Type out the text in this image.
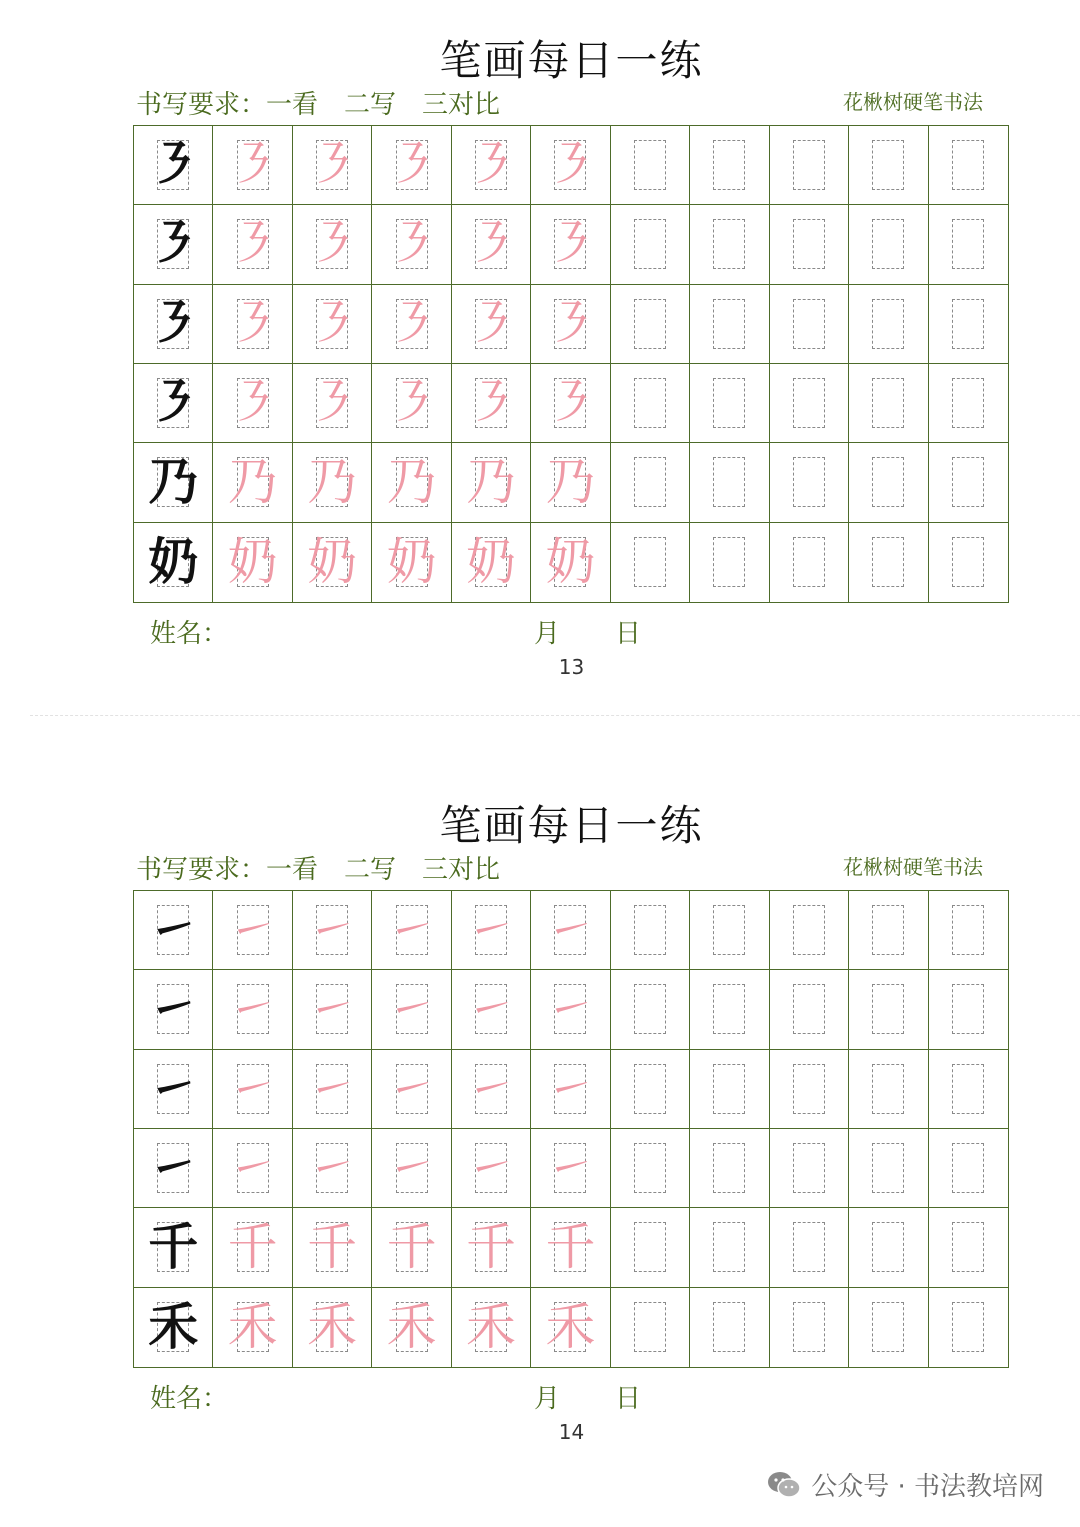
笔画每日一练
书写要求：一看　二写　三对比	花楸树硬笔书法
㇋ ㇋ ㇋ ㇋ ㇋ ㇋
㇋ ㇋ ㇋ ㇋ ㇋ ㇋
㇋ ㇋ ㇋ ㇋ ㇋ ㇋
㇋ ㇋ ㇋ ㇋ ㇋ ㇋
乃 乃 乃 乃 乃 乃
奶 奶 奶 奶 奶 奶
姓名：	月 日
13
笔画每日一练
书写要求：一看　二写　三对比	花楸树硬笔书法
㇀ ㇀ ㇀ ㇀ ㇀ ㇀
㇀ ㇀ ㇀ ㇀ ㇀ ㇀
㇀ ㇀ ㇀ ㇀ ㇀ ㇀
㇀ ㇀ ㇀ ㇀ ㇀ ㇀
千 千 千 千 千 千
禾 禾 禾 禾 禾 禾
姓名：	月 日
14
公众号 · 书法教培网
